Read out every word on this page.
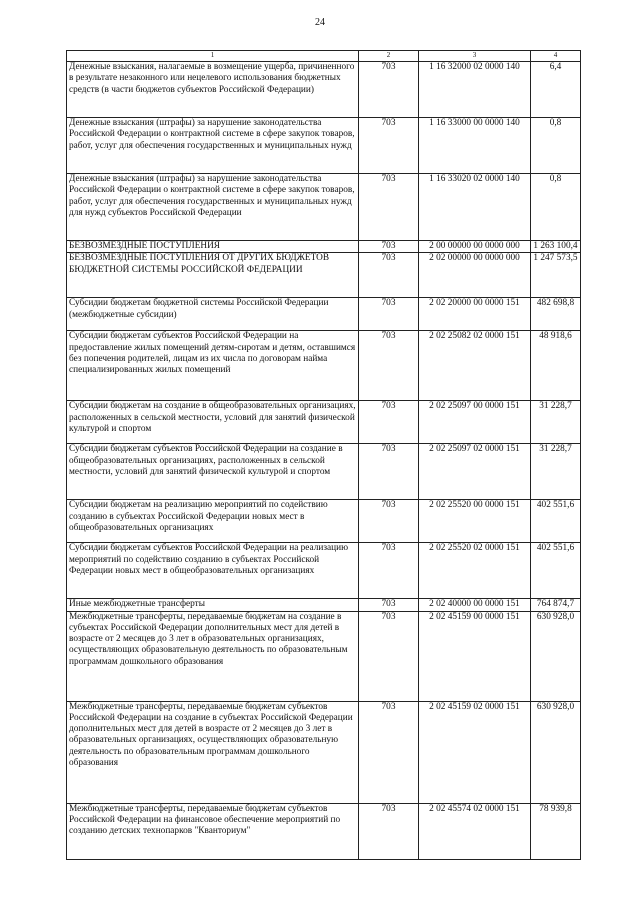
24
1	2	3	4
Денежные взыскания, налагаемые в возмещение ущерба, причиненного в результате незаконного или нецелевого использования бюджетных средств (в части бюджетов субъектов Российской Федерации)	703	1 16 32000 02 0000 140	6,4
Денежные взыскания (штрафы) за нарушение законодательства Российской Федерации о контрактной системе в сфере закупок товаров, работ, услуг для обеспечения государственных и муниципальных нужд	703	1 16 33000 00 0000 140	0,8
Денежные взыскания (штрафы) за нарушение законодательства Российской Федерации о контрактной системе в сфере закупок товаров, работ, услуг для обеспечения государственных и муниципальных нужд для нужд субъектов Российской Федерации	703	1 16 33020 02 0000 140	0,8
БЕЗВОЗМЕЗДНЫЕ ПОСТУПЛЕНИЯ	703	2 00 00000 00 0000 000	1 263 100,4
БЕЗВОЗМЕЗДНЫЕ ПОСТУПЛЕНИЯ ОТ ДРУГИХ БЮДЖЕТОВ БЮДЖЕТНОЙ СИСТЕМЫ РОССИЙСКОЙ ФЕДЕРАЦИИ	703	2 02 00000 00 0000 000	1 247 573,5
Субсидии бюджетам бюджетной системы Российской Федерации (межбюджетные субсидии)	703	2 02 20000 00 0000 151	482 698,8
Субсидии бюджетам субъектов Российской Федерации на предоставление жилых помещений детям-сиротам и детям, оставшимся без попечения родителей, лицам из их числа по договорам найма специализированных жилых помещений	703	2 02 25082 02 0000 151	48 918,6
Субсидии бюджетам на создание в общеобразовательных организациях, расположенных в сельской местности, условий для занятий физической культурой и спортом	703	2 02 25097 00 0000 151	31 228,7
Субсидии бюджетам субъектов Российской Федерации на создание в общеобразовательных организациях, расположенных в сельской местности, условий для занятий физической культурой и спортом	703	2 02 25097 02 0000 151	31 228,7
Субсидии бюджетам на реализацию мероприятий по содействию созданию в субъектах Российской Федерации новых мест в общеобразовательных организациях	703	2 02 25520 00 0000 151	402 551,6
Субсидии бюджетам субъектов Российской Федерации на реализацию мероприятий по содействию созданию в субъектах Российской Федерации новых мест в общеобразовательных организациях	703	2 02 25520 02 0000 151	402 551,6
Иные межбюджетные трансферты	703	2 02 40000 00 0000 151	764 874,7
Межбюджетные трансферты, передаваемые бюджетам на создание в субъектах Российской Федерации дополнительных мест для детей в возрасте от 2 месяцев до 3 лет в образовательных организациях, осуществляющих образовательную деятельность по образовательным программам дошкольного образования	703	2 02 45159 00 0000 151	630 928,0
Межбюджетные трансферты, передаваемые бюджетам субъектов Российской Федерации на создание в субъектах Российской Федерации дополнительных мест для детей в возрасте от 2 месяцев до 3 лет в образовательных организациях, осуществляющих образовательную деятельность по образовательным программам дошкольного образования	703	2 02 45159 02 0000 151	630 928,0
Межбюджетные трансферты, передаваемые бюджетам субъектов Российской Федерации на финансовое обеспечение мероприятий по созданию детских технопарков "Кванториум"	703	2 02 45574 02 0000 151	78 939,8
